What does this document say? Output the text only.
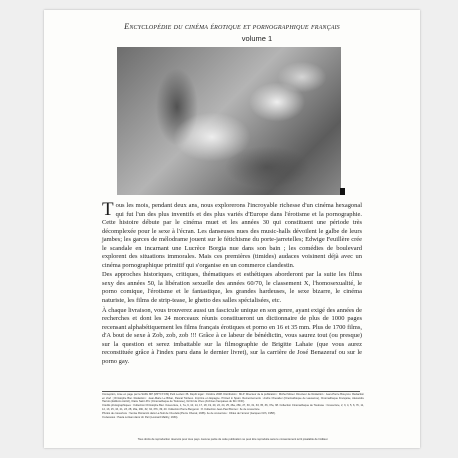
Encyclopédie du cinéma érotique et pornographique français
volume 1

Tous les mois, pendant deux ans, nous explorerons l'incroyable richesse d'un cinéma hexagonal qui fut l'un des plus inventifs et des plus variés d'Europe dans l'érotisme et la pornographie. Cette histoire débute par le cinéma muet et les années 30 qui constituent une période très décomplexée pour le sexe à l'écran. Les danseuses nues des music-halls dévoilent le galbe de leurs jambes; les garces de mélodrame jouent sur le fétichisme du porte-jarretelles; Edwige Feuillère crée le scandale en incarnant une Lucrèce Borgia nue dans son bain ; les comédies de boulevard explorent des situations immorales. Mais ces premières (timides) audaces voisinent déjà avec un cinéma pornographique primitif qui s'organise en un commerce clandestin.

Des approches historiques, critiques, thématiques et esthétiques aborderont par la suite les films sexy des années 50, la libération sexuelle des années 60/70, le classement X, l'homosexualité, le porno comique, l'érotisme et le fantastique, les grandes hardeuses, le sexe bizarre, le cinéma naturiste, les films de strip-tease, le ghetto des salles spécialisées, etc.

À chaque livraison, vous trouverez aussi un fascicule unique en son genre, ayant exigé des années de recherches et dont les 24 morceaux réunis constitueront un dictionnaire de plus de 1000 pages recensant alphabétiquement les films français érotiques et porno en 16 et 35 mm. Plus de 1700 films, d'A bout de sexe à Zob, zob, zob !!! Grâce à ce labeur de bénédictin, vous saurez tout (ou presque) sur la question et serez imbattable sur la filmographie de Brigitte Lahaie (que vous aurez reconstituée grâce à l'index paru dans le dernier livret), sur la carrière de José Benazeraf ou sur le porno gay.

Conception, mise en page par la SARL MP (MP 5 P.CIS) Petit Leclerc 36. Dépôt légal : Octobre 2008. Distribution : MLP. Directeur de la publication : Michel Moser. Directeur de Rédaction : Jean-Pierre Bouyxou. Rédaction en chef : Christophe Bier. Rédaction : Jean-Marie Le Bihan, Pascal Tordeux. Imprimé en Espagne. Printed in Spain. Remerciements : André Chevalier (Cinémathèque de Lausanne), Cinémathèque Française, Alexandre Harrois (Éditions Astrid), Claire Saint-Prix (Cinémathèque de Toulouse), Gil Gil de Vries (Archives françaises du film CNC).

Crédits photographiques : Collection Christophe Bier. Couverture, 1, 7a, 9, 10, 14, 17, 18, 19, 20, 22, 24, 25, 26a, 26b, 27, 30, 31, 33, 35, 36, 37a, 38. Collection Cinémathèque de Toulouse : Couverture, 2, 3, 4, 5, 6, 7b, 11, 12, 13, 15, 16, 21, 23, 28, 29a, 29b, 32, 34, 37b, 39, 40. Collection Pierre Bergeron : 8. Collection Jean-Paul Bonnet : 3e de couverture.

Photos de couverture : Venise Romanzo dans La Nuit de l'Au-delà (Pierre Chenal, 1936). 4e de couverture : Cibles de l'amour (Jacques Orth, 1958).

Ci-dessous : Paula Lorisan dans Un Pari (Léonard Maltiry, 1934).

Tous droits de reproduction réservés pour tous pays. Aucune partie de cette publication ne peut être reproduite sans le consentement écrit préalable de l'éditeur.
